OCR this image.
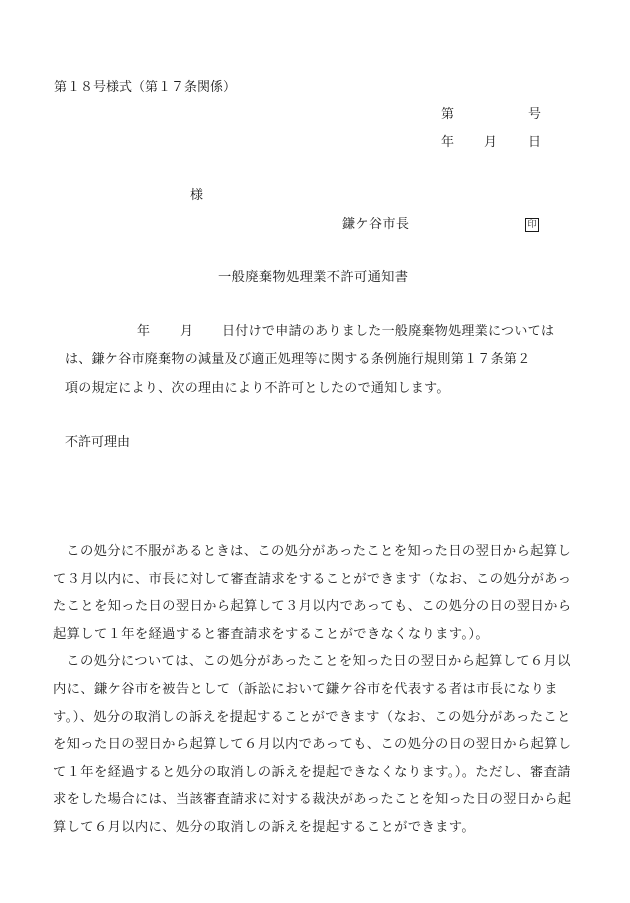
第１８号様式（第１７条関係）
第	号
年 月 日
様
鎌ケ谷市長	印
一般廃棄物処理業不許可通知書
年 月 日付けで申請のありました一般廃棄物処理業については
は、鎌ケ谷市廃棄物の減量及び適正処理等に関する条例施行規則第１７条第２
項の規定により、次の理由により不許可としたので通知します。
不許可理由

この処分に不服があるときは、この処分があったことを知った日の翌日から起算して３月以内に、市長に対して審査請求をすることができます（なお、この処分があったことを知った日の翌日から起算して３月以内であっても、この処分の日の翌日から起算して１年を経過すると審査請求をすることができなくなります。）。

この処分については、この処分があったことを知った日の翌日から起算して６月以内に、鎌ケ谷市を被告として（訴訟において鎌ケ谷市を代表する者は市長になります。）、処分の取消しの訴えを提起することができます（なお、この処分があったことを知った日の翌日から起算して６月以内であっても、この処分の日の翌日から起算して１年を経過すると処分の取消しの訴えを提起できなくなります。）。ただし、審査請求をした場合には、当該審査請求に対する裁決があったことを知った日の翌日から起算して６月以内に、処分の取消しの訴えを提起することができます。
